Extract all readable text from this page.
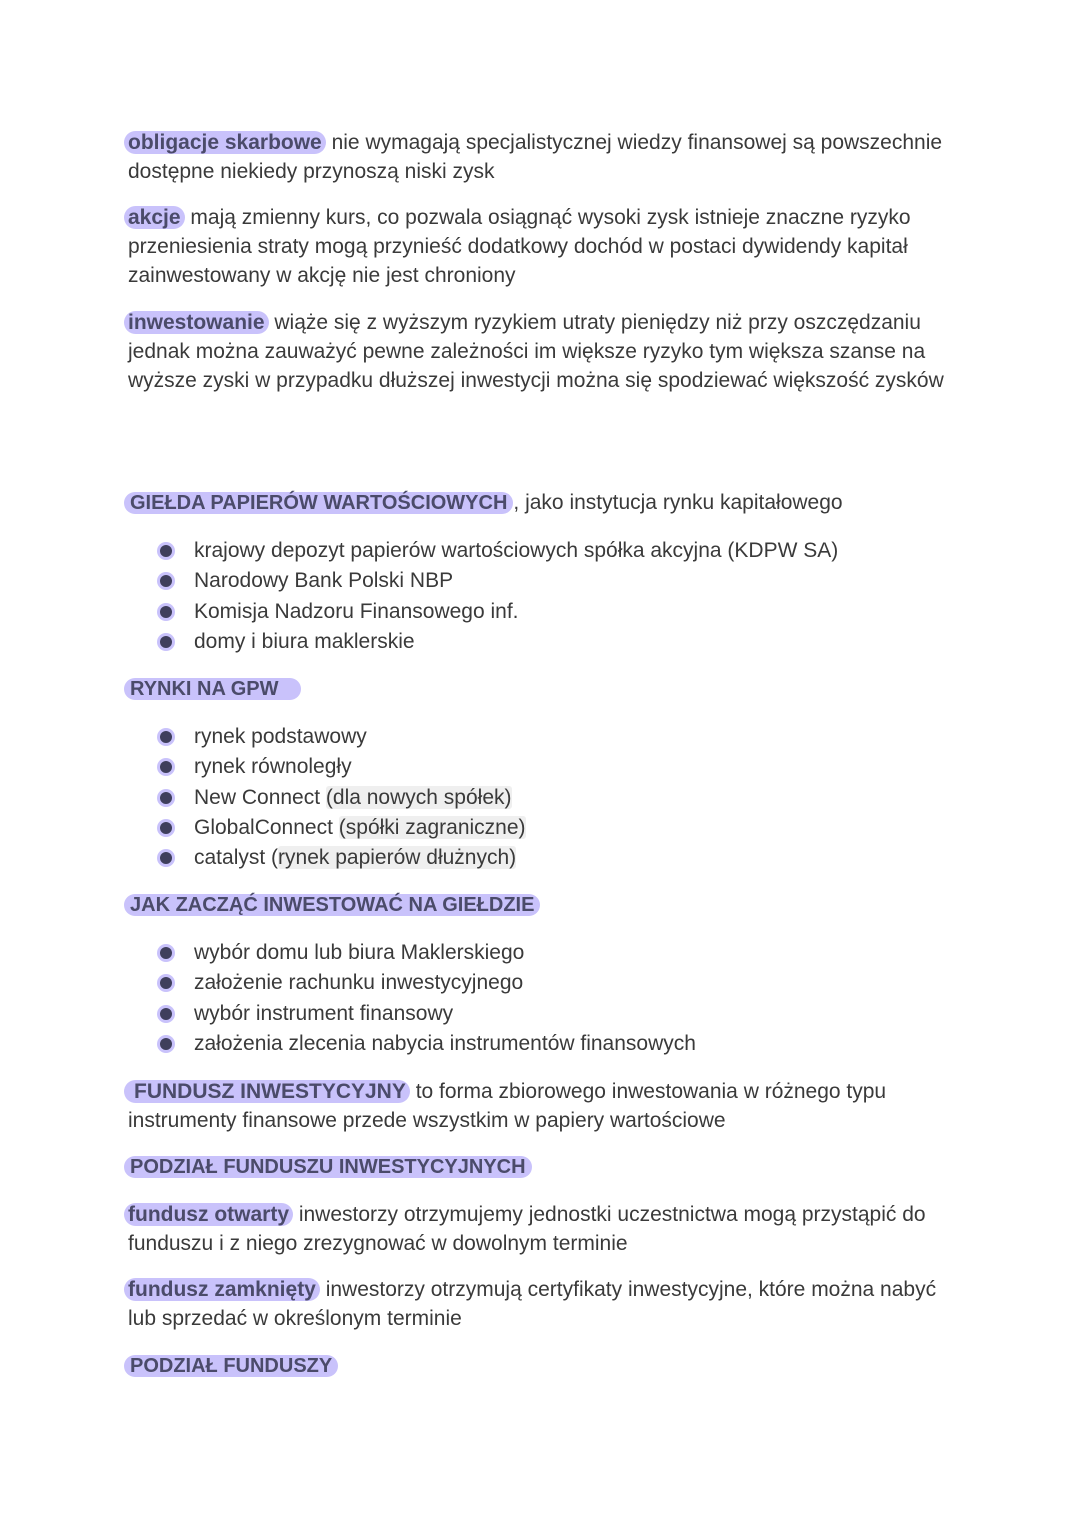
obligacje skarbowe nie wymagają specjalistycznej wiedzy finansowej są powszechnie dostępne niekiedy przynoszą niski zysk
akcje mają zmienny kurs, co pozwala osiągnąć wysoki zysk istnieje znaczne ryzyko przeniesienia straty mogą przynieść dodatkowy dochód w postaci dywidendy kapitał zainwestowany w akcję nie jest chroniony
inwestowanie wiąże się z wyższym ryzykiem utraty pieniędzy niż przy oszczędzaniu jednak można zauważyć pewne zależności im większe ryzyko tym większa szanse na wyższe zyski w przypadku dłuższej inwestycji można się spodziewać większość zysków
GIEŁDA PAPIERÓW WARTOŚCIOWYCH , jako instytucja rynku kapitałowego
krajowy depozyt papierów wartościowych spółka akcyjna (KDPW SA)
Narodowy Bank Polski NBP
Komisja Nadzoru Finansowego inf.
domy i biura maklerskie
RYNKI NA GPW
rynek podstawowy
rynek równoległy
New Connect (dla nowych spółek)
GlobalConnect (spółki zagraniczne)
catalyst (rynek papierów dłużnych)
JAK ZACZĄĆ INWESTOWAĆ NA GIEŁDZIE
wybór domu lub biura Maklerskiego
założenie rachunku inwestycyjnego
wybór instrument finansowy
założenia zlecenia nabycia instrumentów finansowych
FUNDUSZ INWESTYCYJNY to forma zbiorowego inwestowania w różnego typu instrumenty finansowe przede wszystkim w papiery wartościowe
PODZIAŁ FUNDUSZU INWESTYCYJNYCH
fundusz otwarty inwestorzy otrzymujemy jednostki uczestnictwa mogą przystąpić do funduszu i z niego zrezygnować w dowolnym terminie
fundusz zamknięty inwestorzy otrzymują certyfikaty inwestycyjne, które można nabyć lub sprzedać w określonym terminie
PODZIAŁ FUNDUSZY
